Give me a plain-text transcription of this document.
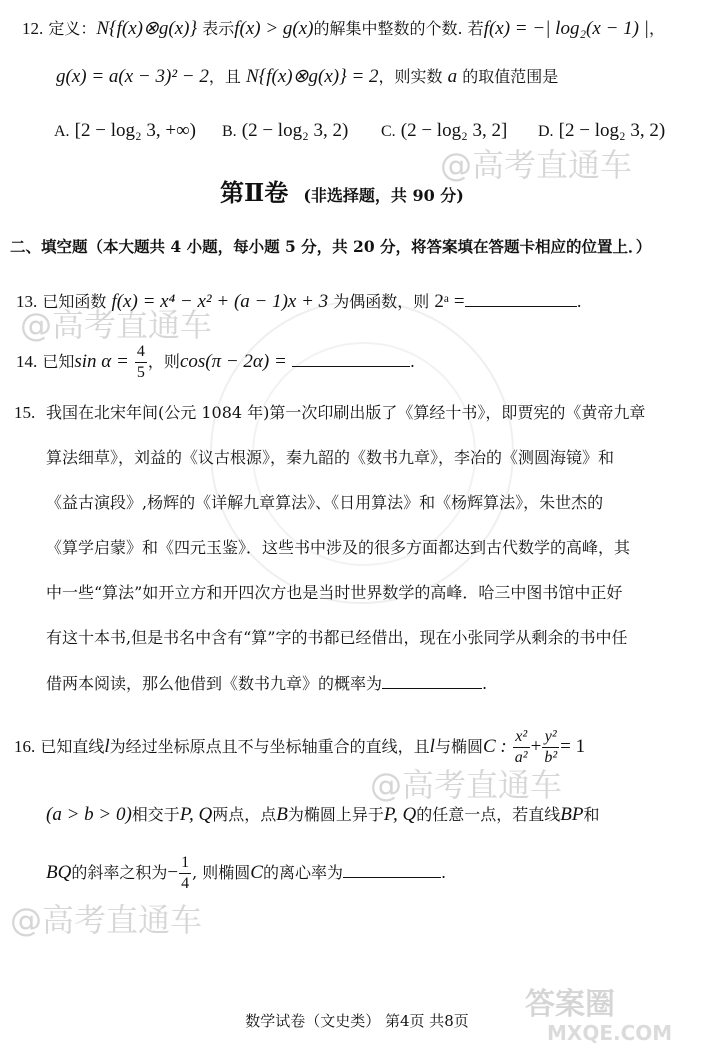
@高考直通车
@高考直通车
@高考直通车
@高考直通车
12. 定义：N{f(x)⊗g(x)} 表示f(x) > g(x)的解集中整数的个数. 若f(x) = −| log₂(x − 1) |，
g(x) = a(x − 3)² − 2，且 N{f(x)⊗g(x)} = 2，则实数 a 的取值范围是
A. [2 − log₂ 3, +∞) B. (2 − log₂ 3, 2) C. (2 − log₂ 3, 2] D. [2 − log₂ 3, 2)
第Ⅱ卷 (非选择题，共 90 分)
二、填空题（本大题共 4 小题，每小题 5 分，共 20 分，将答案填在答题卡相应的位置上．）
13. 已知函数 f(x) = x⁴ − x² + (a − 1)x + 3 为偶函数，则 2ᵃ =	.
14. 已知$\sin \alpha = \frac{4}{5}$ ，则cos(π − 2α) =	.
15. 我国在北宋年间(公元 1084 年)第一次印刷出版了《算经十书》，即贾宪的《黄帝九章
算法细草》，刘益的《议古根源》，秦九韶的《数书九章》，李冶的《测圆海镜》和
《益古演段》,杨辉的《详解九章算法》、《日用算法》和《杨辉算法》，朱世杰的
《算学启蒙》和《四元玉鉴》．这些书中涉及的很多方面都达到古代数学的高峰，其
中一些“算法”如开立方和开四次方也是当时世界数学的高峰．哈三中图书馆中正好
有这十本书,但是书名中含有“算”字的书都已经借出，现在小张同学从剩余的书中任
借两本阅读，那么他借到《数书九章》的概率为	.
16. 已知直线l为经过坐标原点且不与坐标轴重合的直线，且l与椭圆C : $\frac{\text{x²}}{\text{a²}} + \frac{\text{y²}}{\text{b²}} = 1$
(a > b > 0)相交于P, Q两点，点B为椭圆上异于P, Q的任意一点，若直线BP和
BQ的斜率之积为− $\frac{1}{4}$ , 则椭圆C的离心率为	.
答案圈
MXQE.COM
数学试卷（文史类） 第4页 共8页
